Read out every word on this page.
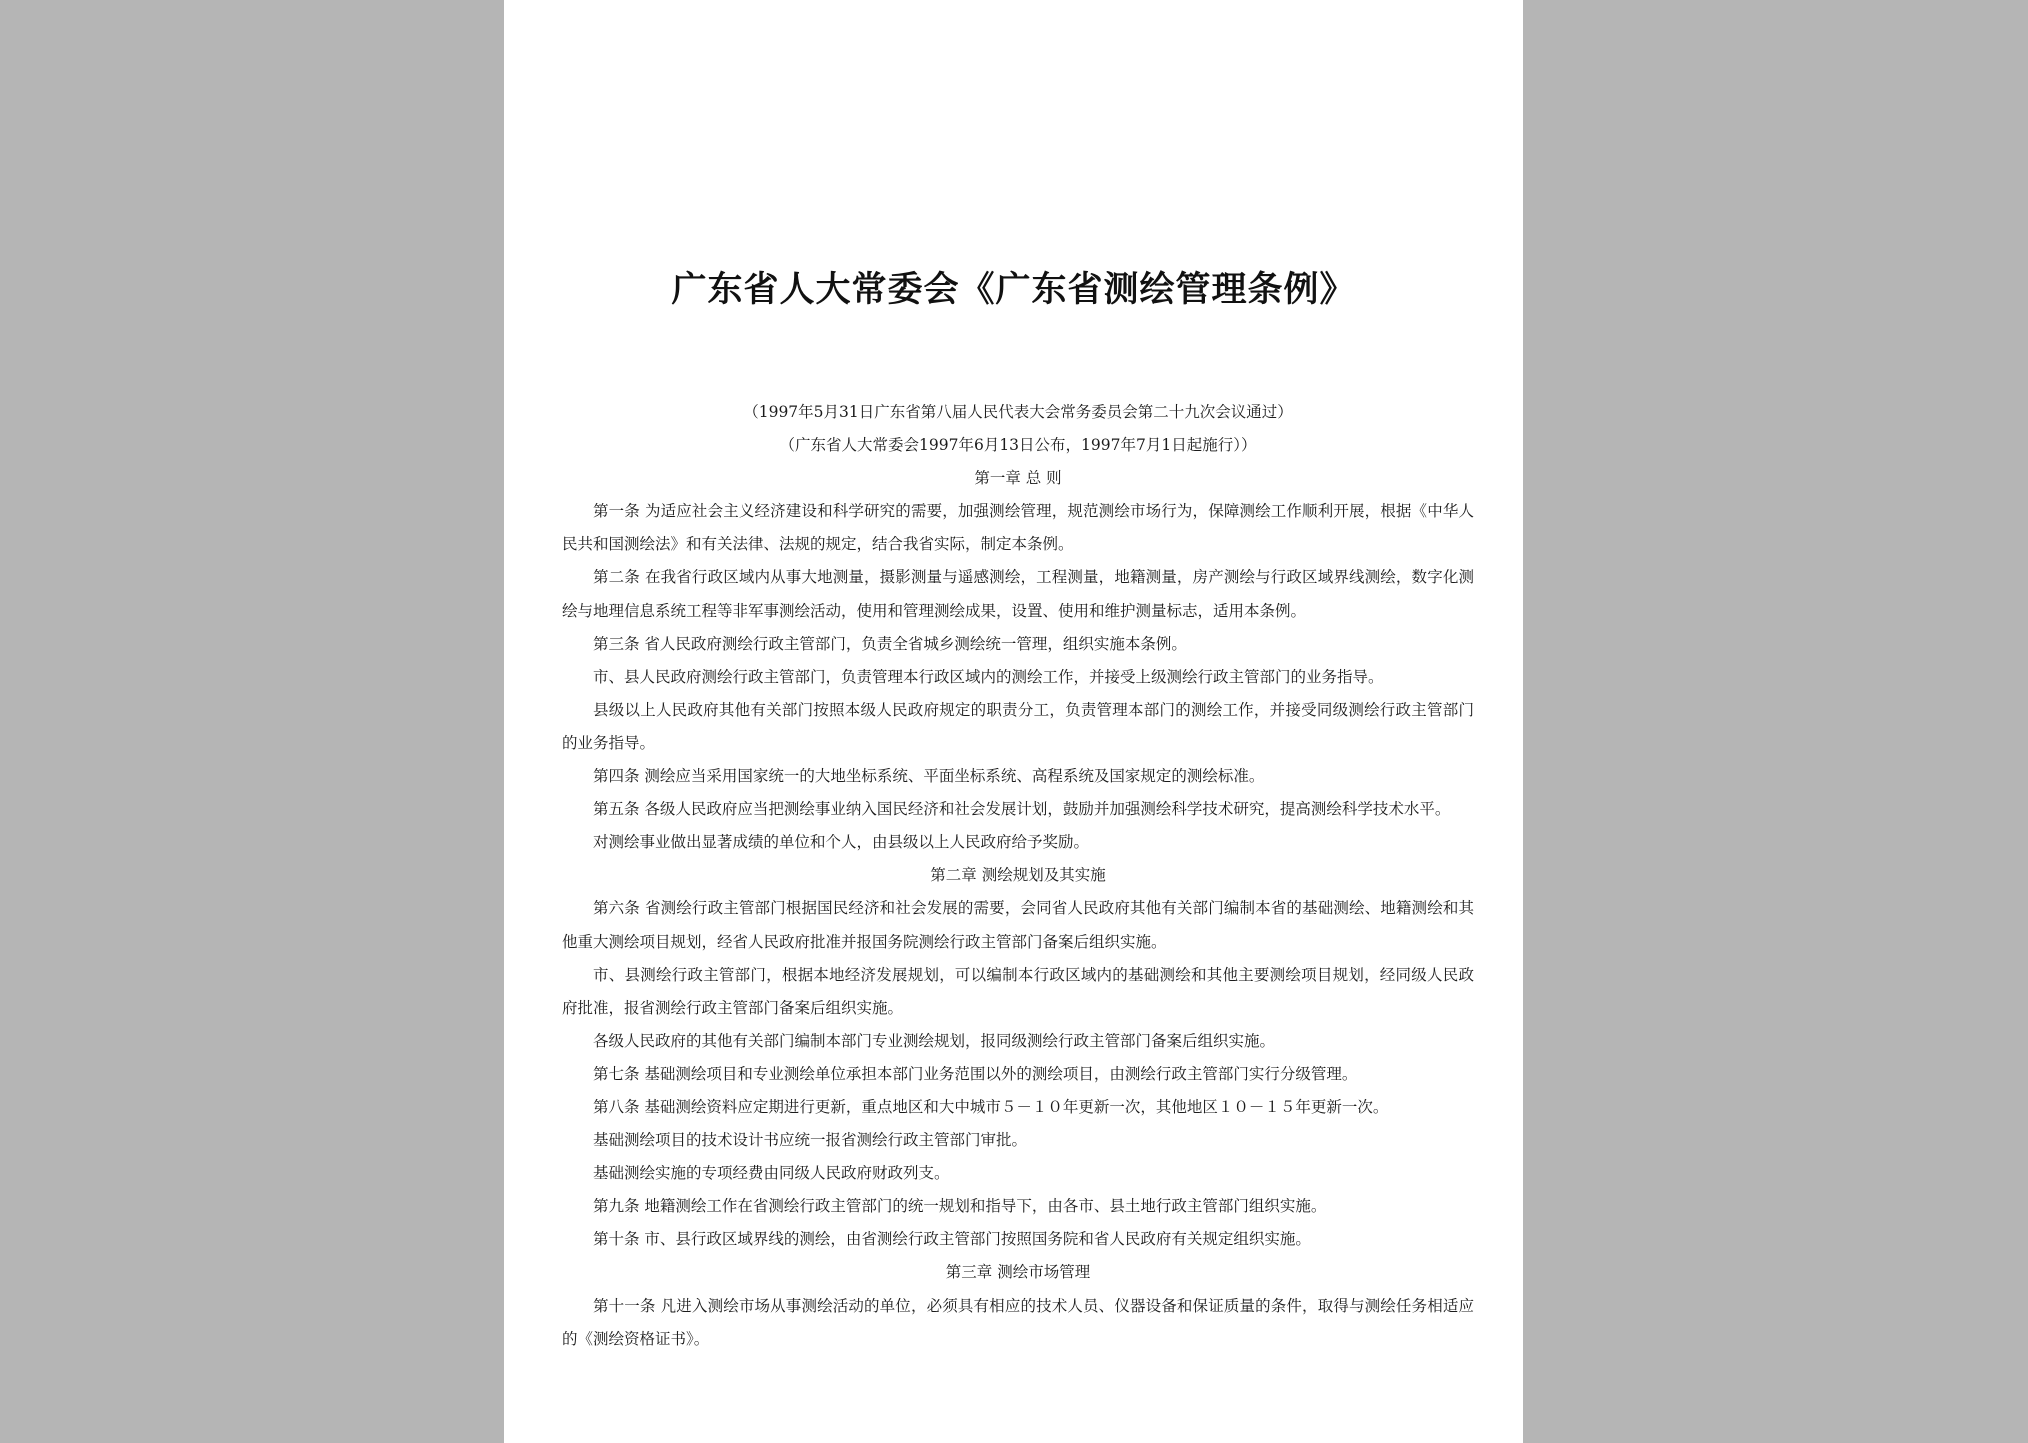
广东省人大常委会《广东省测绘管理条例》

（1997年5月31日广东省第八届人民代表大会常务委员会第二十九次会议通过）

（广东省人大常委会1997年6月13日公布，1997年7月1日起施行））

第一章 总 则

第一条 为适应社会主义经济建设和科学研究的需要，加强测绘管理，规范测绘市场行为，保障测绘工作顺利开展，根据《中华人民共和国测绘法》和有关法律、法规的规定，结合我省实际，制定本条例。

第二条 在我省行政区域内从事大地测量，摄影测量与遥感测绘，工程测量，地籍测量，房产测绘与行政区域界线测绘，数字化测绘与地理信息系统工程等非军事测绘活动，使用和管理测绘成果，设置、使用和维护测量标志，适用本条例。

第三条 省人民政府测绘行政主管部门，负责全省城乡测绘统一管理，组织实施本条例。

市、县人民政府测绘行政主管部门，负责管理本行政区域内的测绘工作，并接受上级测绘行政主管部门的业务指导。

县级以上人民政府其他有关部门按照本级人民政府规定的职责分工，负责管理本部门的测绘工作，并接受同级测绘行政主管部门的业务指导。

第四条 测绘应当采用国家统一的大地坐标系统、平面坐标系统、高程系统及国家规定的测绘标准。

第五条 各级人民政府应当把测绘事业纳入国民经济和社会发展计划，鼓励并加强测绘科学技术研究，提高测绘科学技术水平。

对测绘事业做出显著成绩的单位和个人，由县级以上人民政府给予奖励。

第二章 测绘规划及其实施

第六条 省测绘行政主管部门根据国民经济和社会发展的需要，会同省人民政府其他有关部门编制本省的基础测绘、地籍测绘和其他重大测绘项目规划，经省人民政府批准并报国务院测绘行政主管部门备案后组织实施。

市、县测绘行政主管部门，根据本地经济发展规划，可以编制本行政区域内的基础测绘和其他主要测绘项目规划，经同级人民政府批准，报省测绘行政主管部门备案后组织实施。

各级人民政府的其他有关部门编制本部门专业测绘规划，报同级测绘行政主管部门备案后组织实施。

第七条 基础测绘项目和专业测绘单位承担本部门业务范围以外的测绘项目，由测绘行政主管部门实行分级管理。

第八条 基础测绘资料应定期进行更新，重点地区和大中城市５－１０年更新一次，其他地区１０－１５年更新一次。

基础测绘项目的技术设计书应统一报省测绘行政主管部门审批。

基础测绘实施的专项经费由同级人民政府财政列支。

第九条 地籍测绘工作在省测绘行政主管部门的统一规划和指导下，由各市、县土地行政主管部门组织实施。

第十条 市、县行政区域界线的测绘，由省测绘行政主管部门按照国务院和省人民政府有关规定组织实施。

第三章 测绘市场管理

第十一条 凡进入测绘市场从事测绘活动的单位，必须具有相应的技术人员、仪器设备和保证质量的条件，取得与测绘任务相适应的《测绘资格证书》。
